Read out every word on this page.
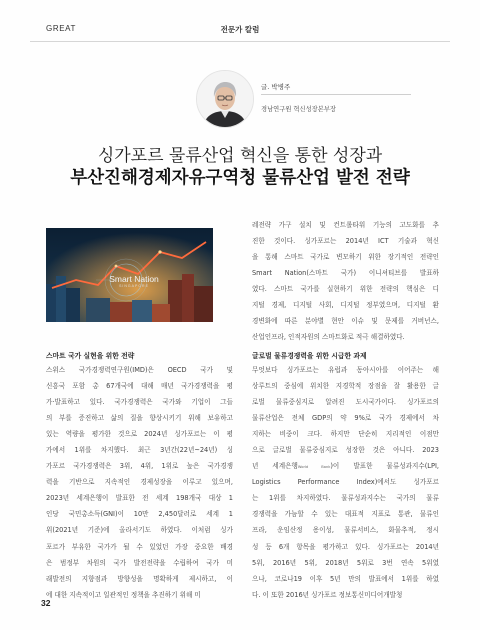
GREAT	전문가 칼럼
글. 박병주
경남연구원 혁신성장본부장
싱가포르 물류산업 혁신을 통한 성장과
부산진해경제자유구역청 물류산업 발전 전략
Smart Nation
SINGAPORE
레전략 가구 설치 및 컨트롤타워 기능의 고도화를 추
진한 것이다. 싱가포르는 2014년 ICT 기술과 혁신
을 통해 스마트 국가로 변모하기 위한 장기적인 전략인
Smart Nation(스마트 국가) 이니셔티브를 발표하
였다. 스마트 국가를 실현하기 위한 전략의 핵심은 디
지털 경제, 디지털 사회, 디지털 정부였으며, 디지털 환
경변화에 따른 분야별 현안 이슈 및 문제를 거버넌스,
산업인프라, 인적자원의 스마트화로 적극 해결하였다.
스마트 국가 실현을 위한 전략
스위스 국가경쟁력연구원(IMD)은 OECD 국가 및
신흥국 포함 총 67개국에 대해 매년 국가경쟁력을 평
가·발표하고 있다. 국가경쟁력은 국가와 기업이 그들
의 부를 증진하고 삶의 질을 향상시키기 위해 보유하고
있는 역량을 평가한 것으로 2024년 싱가포르는 이 평
가에서 1위를 차지했다. 최근 3년간(22년~24년) 싱
가포르 국가경쟁력은 3위, 4위, 1위로 높은 국가경쟁
력을 기반으로 지속적인 경제성장을 이루고 있으며,
2023년 세계은행이 발표한 전 세계 198개국 대상 1
인당 국민총소득(GNI)이 10만 2,450달러로 세계 1
위(2021년 기준)에 올라서기도 하였다. 이처럼 싱가
포르가 부유한 국가가 될 수 있었던 가장 중요한 배경
은 범정부 차원의 국가 발전전략을 수립하여 국가 미
래발전의 지향점과 방향성을 명확하게 제시하고, 이
에 대한 지속적이고 일관적인 정책을 추진하기 위해 미
글로벌 물류경쟁력을 위한 시급한 과제
무엇보다 싱가포르는 유럽과 동아시아를 이어주는 해
상루트의 중심에 위치한 지경학적 장점을 잘 활용한 글
로벌 물류중심지로 알려진 도시국가이다. 싱가포르의
물류산업은 전체 GDP의 약 9%로 국가 경제에서 차
지하는 비중이 크다. 하지만 단순히 지리적인 이점만
으로 글로벌 물류중심지로 성장한 것은 아니다. 2023
년 세계은행World Bank)이 발표한 물류성과지수(LPI,
Logistics Performance Index)에서도 싱가포르
는 1위를 차지하였다. 물류성과지수는 국가의 물류
경쟁력을 가늠할 수 있는 대표적 지표로 통관, 물류인
프라, 운임산정 용이성, 물류서비스, 화물추적, 정시
성 등 6개 항목을 평가하고 있다. 싱가포르는 2014년
5위, 2016년 5위, 2018년 5위로 3번 연속 5위였
으나, 코로나19 이후 5년 만의 발표에서 1위를 하였
다. 이 또한 2016년 싱가포르 정보통신미디어개발청
32
